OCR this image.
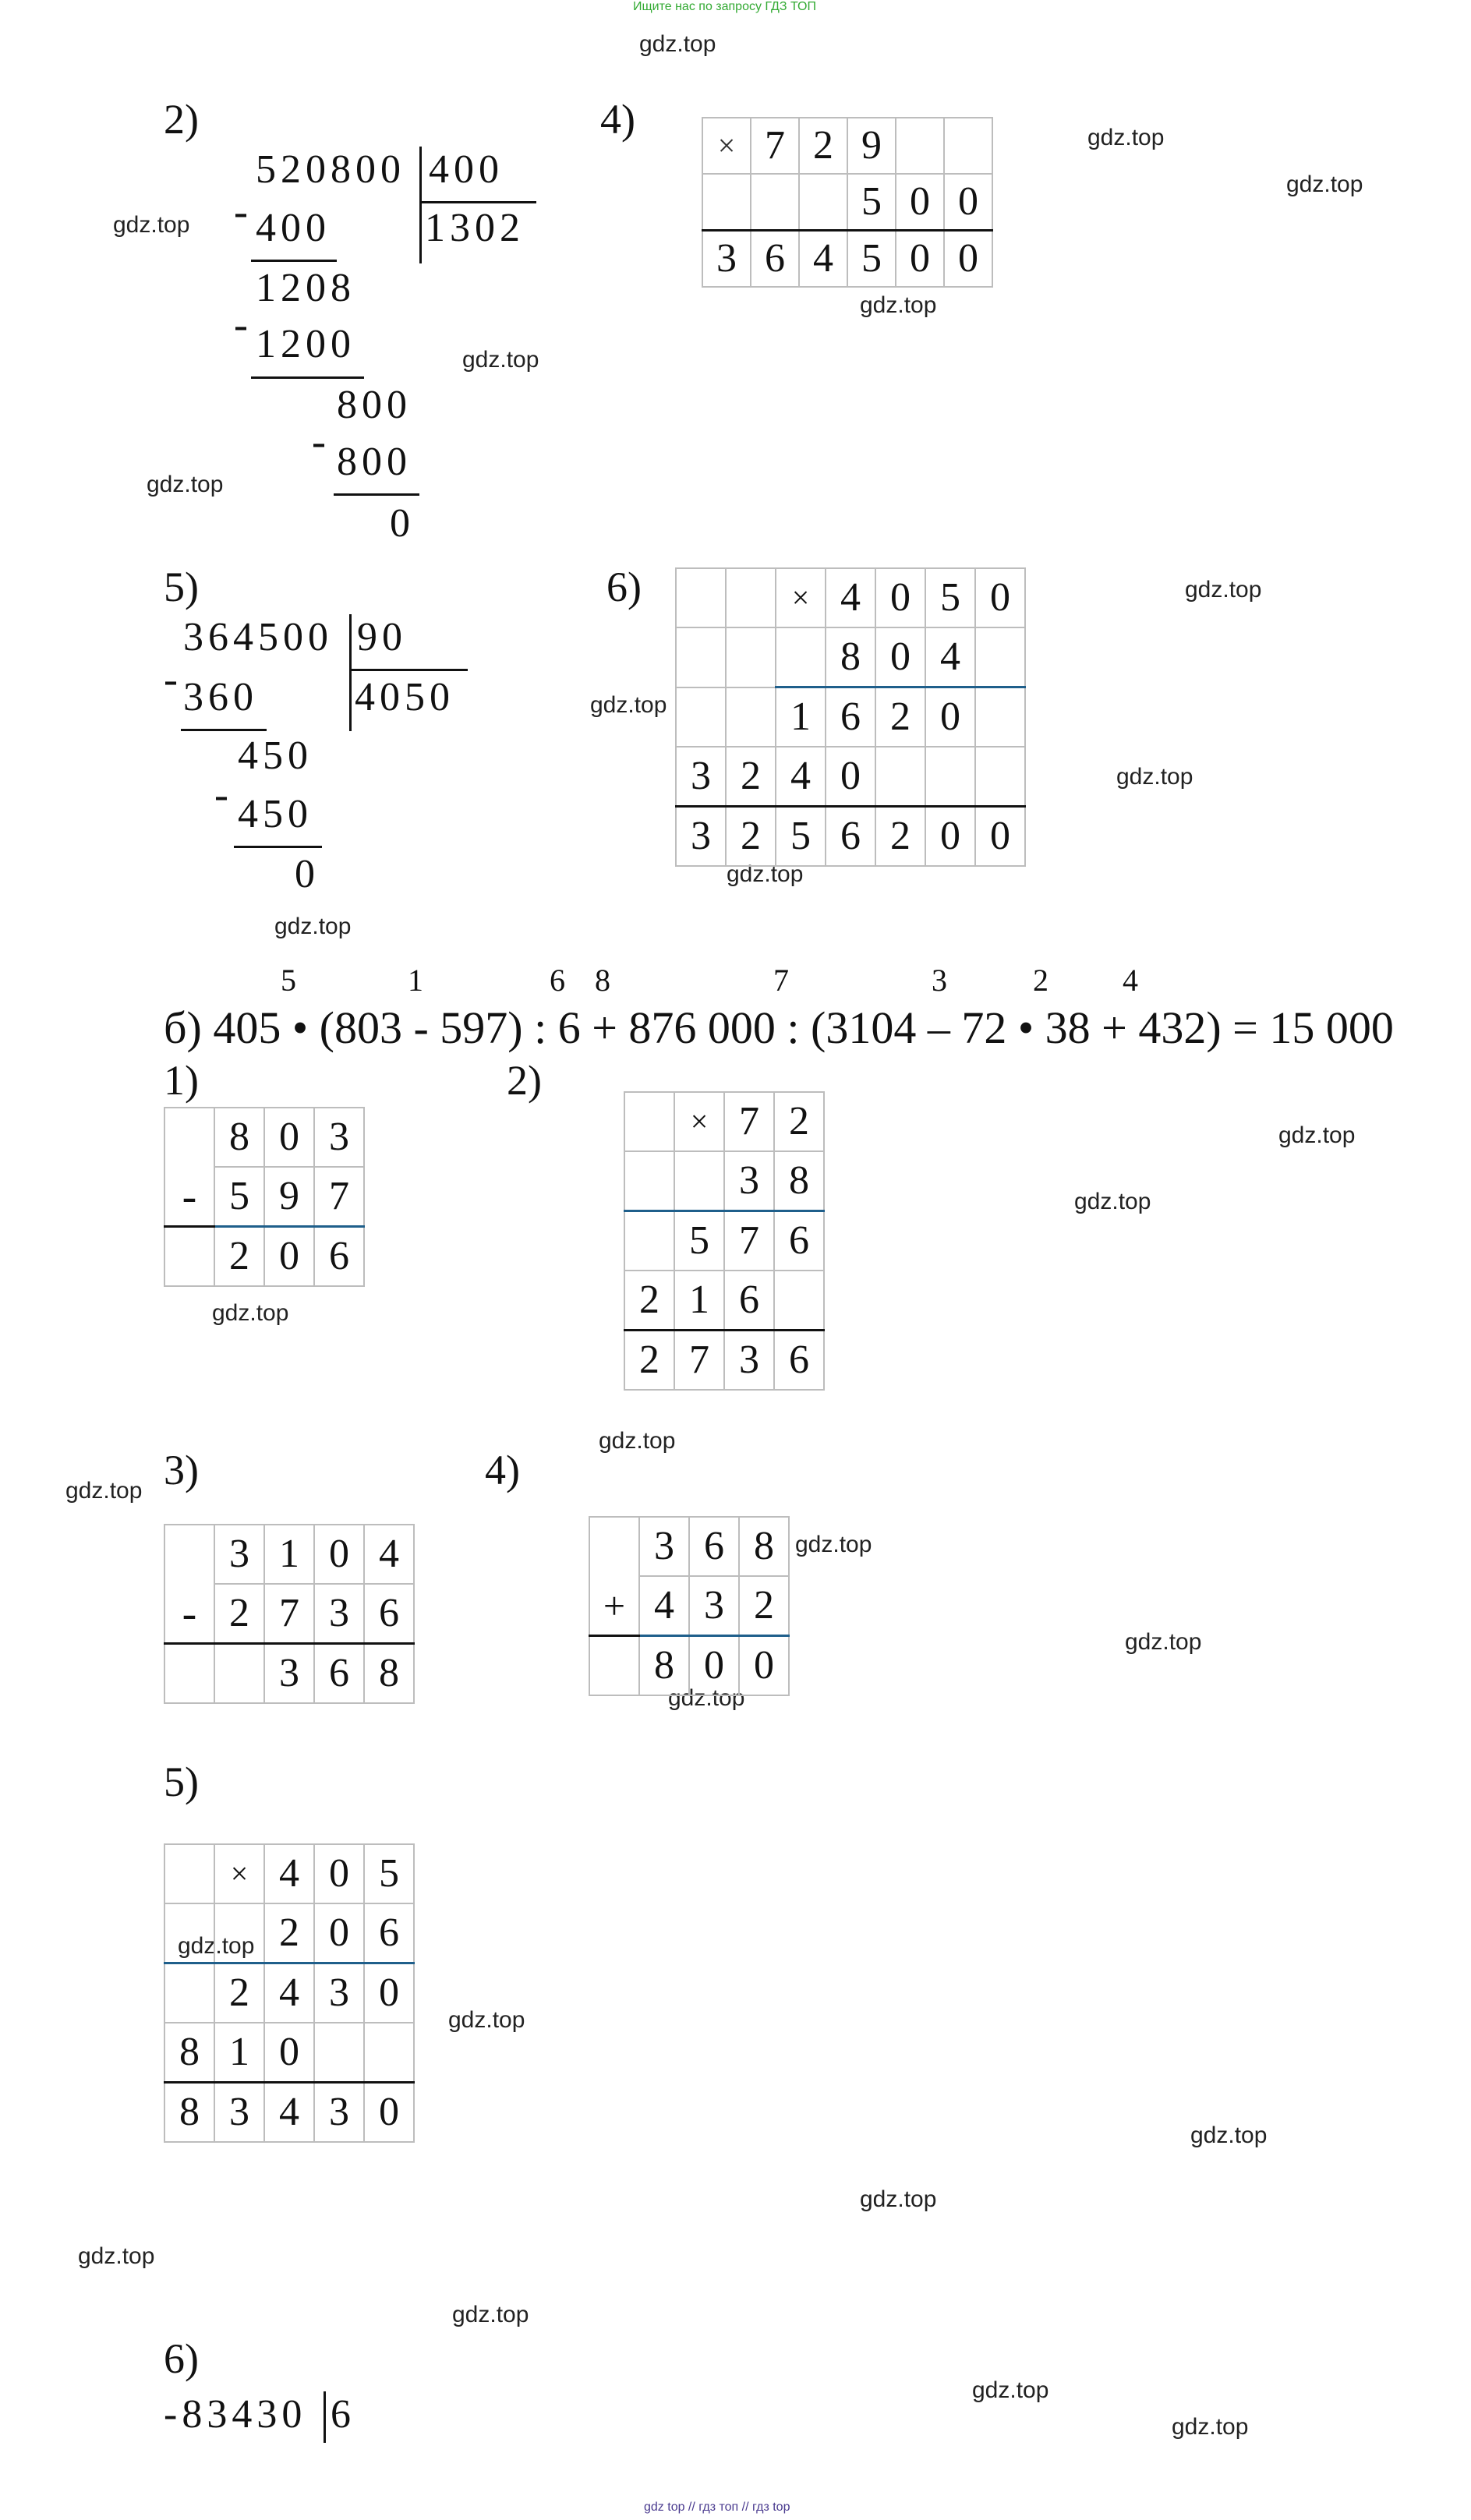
Ищите нас по запросу ГДЗ ТОП
gdz.top
gdz.top
gdz.top
gdz.top
gdz.top
gdz.top
gdz.top
gdz.top
gdz.top
gdz.top
gdz.top
gdz.top
gdz.top
gdz.top
gdz.top
gdz.top
gdz.top
gdz.top
gdz.top
gdz.top
gdz.top
gdz.top
gdz.top
gdz.top
gdz.top
gdz.top
gdz.top
gdz.top
2)
520800 400
1302
- 400
1208
- 1200
800
- 800
0
4)
×	7	2	9		
			5	0	0
3	6	4	5	0	0
5)
364500 90
4050
- 360
450
- 450
0
6)
			×	4	0	5	0
			8	0	4	
		1	6	2	0	
3	2	4	0			
3	2	5	6	2	0	0
5	1	6 8	7	3	2 4
б) 405 • (803 - 597) : 6 + 876 000 : (3104 – 72 • 38 + 432) = 15 000
1)
	8	0	3
-	5	9	7
	2	0	6
2)
	×	7	2
		3	8
	5	7	6
2	1	6	
2	7	3	6
3)
	3	1	0	4
-	2	7	3	6
		3	6	8
4)
	3	6	8
+	4	3	2
	8	0	0
5)
	×	4	0	5
		2	0	6
	2	4	3	0
8	1	0		
8	3	4	3	0
6)
-83430 6
gdz top // гдз топ // гдз top
